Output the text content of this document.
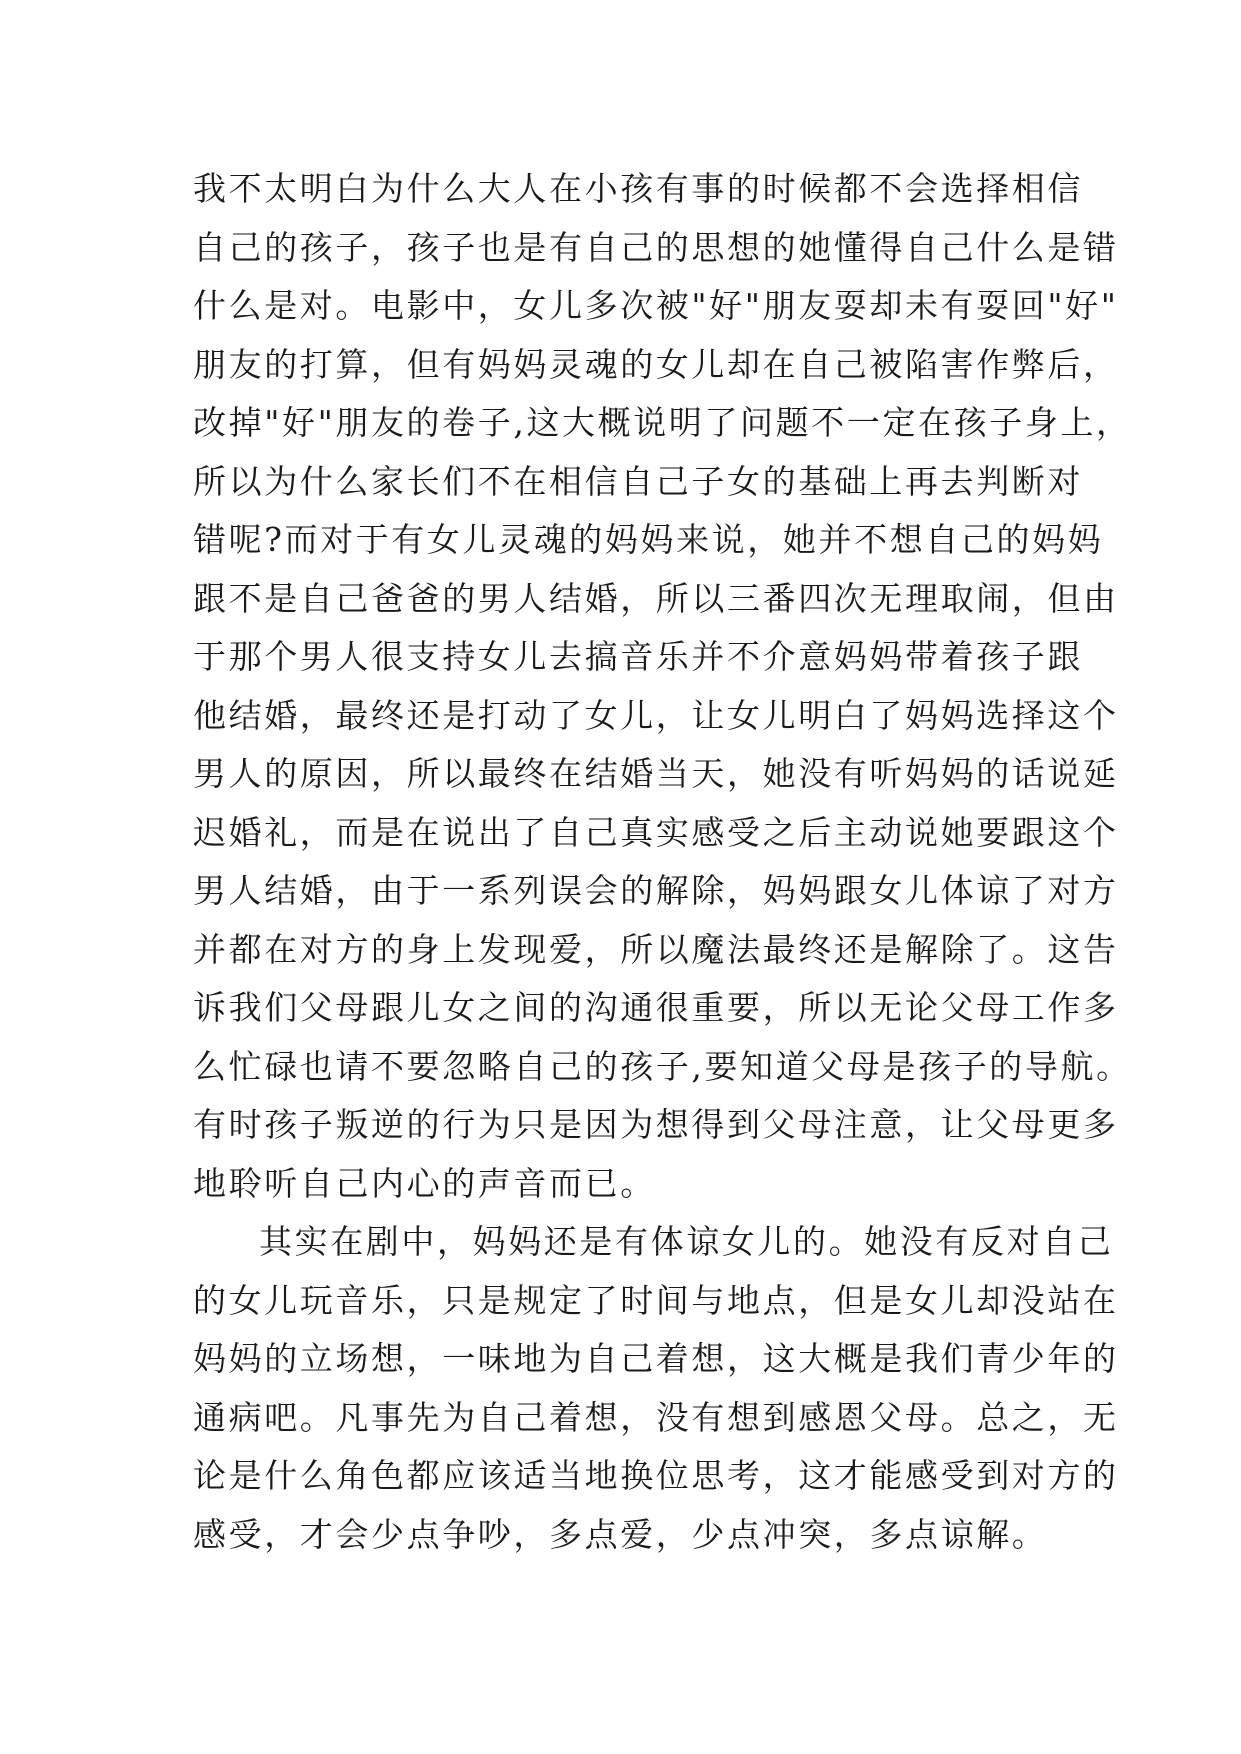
我不太明白为什么大人在小孩有事的时候都不会选择相信
自己的孩子，孩子也是有自己的思想的她懂得自己什么是错
什么是对。电影中，女儿多次被"好"朋友耍却未有耍回"好"
朋友的打算，但有妈妈灵魂的女儿却在自己被陷害作弊后，
改掉"好"朋友的卷子,这大概说明了问题不一定在孩子身上，
所以为什么家长们不在相信自己子女的基础上再去判断对
错呢?而对于有女儿灵魂的妈妈来说，她并不想自己的妈妈
跟不是自己爸爸的男人结婚，所以三番四次无理取闹，但由
于那个男人很支持女儿去搞音乐并不介意妈妈带着孩子跟
他结婚，最终还是打动了女儿，让女儿明白了妈妈选择这个
男人的原因，所以最终在结婚当天，她没有听妈妈的话说延
迟婚礼，而是在说出了自己真实感受之后主动说她要跟这个
男人结婚，由于一系列误会的解除，妈妈跟女儿体谅了对方
并都在对方的身上发现爱，所以魔法最终还是解除了。这告
诉我们父母跟儿女之间的沟通很重要，所以无论父母工作多
么忙碌也请不要忽略自己的孩子,要知道父母是孩子的导航。
有时孩子叛逆的行为只是因为想得到父母注意，让父母更多
地聆听自己内心的声音而已。
其实在剧中，妈妈还是有体谅女儿的。她没有反对自己
的女儿玩音乐，只是规定了时间与地点，但是女儿却没站在
妈妈的立场想，一味地为自己着想，这大概是我们青少年的
通病吧。凡事先为自己着想，没有想到感恩父母。总之，无
论是什么角色都应该适当地换位思考，这才能感受到对方的
感受，才会少点争吵，多点爱，少点冲突，多点谅解。
